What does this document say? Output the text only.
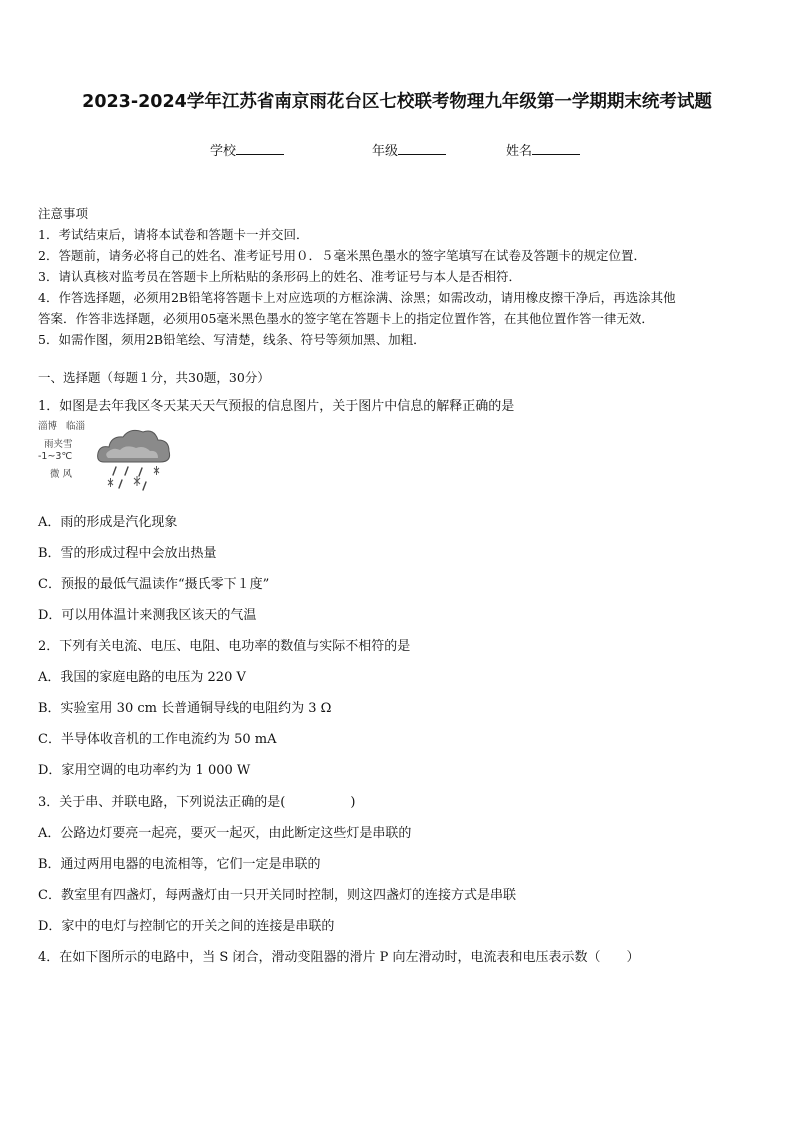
2023-2024学年江苏省南京雨花台区七校联考物理九年级第一学期期末统考试题
学校	年级	姓名
注意事项
1．考试结束后，请将本试卷和答题卡一并交回．
2．答题前，请务必将自己的姓名、准考证号用０．５毫米黑色墨水的签字笔填写在试卷及答题卡的规定位置．
3．请认真核对监考员在答题卡上所粘贴的条形码上的姓名、准考证号与本人是否相符．
4．作答选择题，必须用2B铅笔将答题卡上对应选项的方框涂满、涂黑；如需改动，请用橡皮擦干净后，再选涂其他
答案．作答非选择题，必须用05毫米黑色墨水的签字笔在答题卡上的指定位置作答，在其他位置作答一律无效．
5．如需作图，须用2B铅笔绘、写清楚，线条、符号等须加黑、加粗．
一、选择题（每题１分，共30题，30分）
1．如图是去年我区冬天某天天气预报的信息图片，关于图片中信息的解释正确的是
淄博 临淄
雨夹雪
-1~3℃
微 风
A．雨的形成是汽化现象
B．雪的形成过程中会放出热量
C．预报的最低气温读作“摄氏零下１度”
D．可以用体温计来测我区该天的气温
2．下列有关电流、电压、电阻、电功率的数值与实际不相符的是
A．我国的家庭电路的电压为 220 V
B．实验室用 30 cm 长普通铜导线的电阻约为 3 Ω
C．半导体收音机的工作电流约为 50 mA
D．家用空调的电功率约为 1 000 W
3．关于串、并联电路，下列说法正确的是(　　　　　)
A．公路边灯要亮一起亮，要灭一起灭，由此断定这些灯是串联的
B．通过两用电器的电流相等，它们一定是串联的
C．教室里有四盏灯，每两盏灯由一只开关同时控制，则这四盏灯的连接方式是串联
D．家中的电灯与控制它的开关之间的连接是串联的
4．在如下图所示的电路中，当 S 闭合，滑动变阻器的滑片 P 向左滑动时，电流表和电压表示数（　　）
